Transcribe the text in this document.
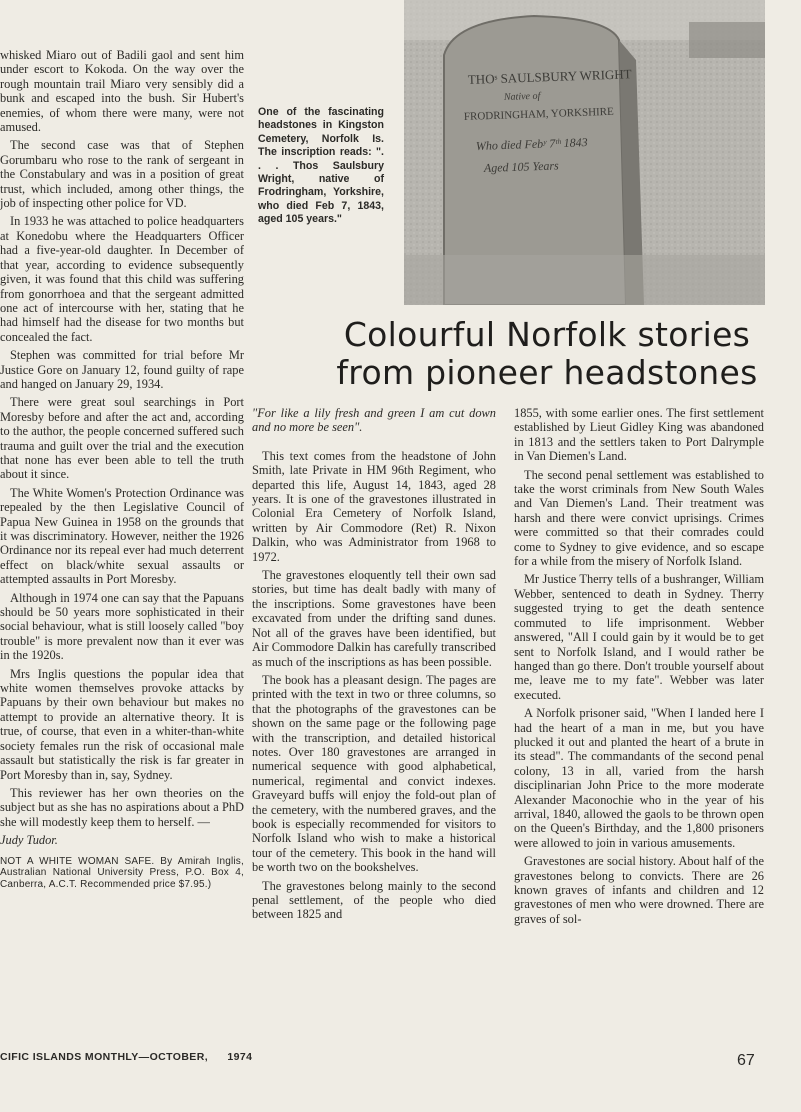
whisked Miaro out of Badili gaol and sent him under escort to Kokoda. On the way over the rough mountain trail Miaro very sensibly did a bunk and escaped into the bush. Sir Hubert's enemies, of whom there were many, were not amused.

The second case was that of Stephen Gorumbaru who rose to the rank of sergeant in the Constabulary and was in a position of great trust, which included, among other things, the job of inspecting other police for VD.

In 1933 he was attached to police headquarters at Konedobu where the Headquarters Officer had a five-year-old daughter. In December of that year, according to evidence subsequently given, it was found that this child was suffering from gonorrhoea and that the sergeant admitted one act of intercourse with her, stating that he had himself had the disease for two months but concealed the fact.

Stephen was committed for trial before Mr Justice Gore on January 12, found guilty of rape and hanged on January 29, 1934.

There were great soul searchings in Port Moresby before and after the act and, according to the author, the people concerned suffered such trauma and guilt over the trial and the execution that none has ever been able to tell the truth about it since.

The White Women's Protection Ordinance was repealed by the then Legislative Council of Papua New Guinea in 1958 on the grounds that it was discriminatory. However, neither the 1926 Ordinance nor its repeal ever had much deterrent effect on black/white sexual assaults or attempted assaults in Port Moresby.

Although in 1974 one can say that the Papuans should be 50 years more sophisticated in their social behaviour, what is still loosely called "boy trouble" is more prevalent now than it ever was in the 1920s.

Mrs Inglis questions the popular idea that white women themselves provoke attacks by Papuans by their own behaviour but makes no attempt to provide an alternative theory. It is true, of course, that even in a whiter-than-white society females run the risk of occasional male assault but statistically the risk is far greater in Port Moresby than in, say, Sydney.

This reviewer has her own theories on the subject but as she has no aspirations about a PhD she will modestly keep them to herself. —

Judy Tudor.

NOT A WHITE WOMAN SAFE. By Amirah Inglis, Australian National University Press, P.O. Box 4, Canberra, A.C.T. Recommended price $7.95.)

One of the fascinating headstones in Kingston Cemetery, Norfolk Is. The inscription reads: ". . . Thos Saulsbury Wright, native of Frodringham, Yorkshire, who died Feb 7, 1843, aged 105 years."
THOˢ SAULSBURY WRIGHT
Native of
FRODRINGHAM, YORKSHIRE
Who died Febʸ 7ᵗʰ 1843
Aged 105 Years
Colourful Norfolk stories
from pioneer headstones

"For like a lily fresh and green I am cut down and no more be seen".

This text comes from the headstone of John Smith, late Private in HM 96th Regiment, who departed this life, August 14, 1843, aged 28 years. It is one of the gravestones illustrated in Colonial Era Cemetery of Norfolk Island, written by Air Commodore (Ret) R. Nixon Dalkin, who was Administrator from 1968 to 1972.

The gravestones eloquently tell their own sad stories, but time has dealt badly with many of the inscriptions. Some gravestones have been excavated from under the drifting sand dunes. Not all of the graves have been identified, but Air Commodore Dalkin has carefully transcribed as much of the inscriptions as has been possible.

The book has a pleasant design. The pages are printed with the text in two or three columns, so that the photographs of the gravestones can be shown on the same page or the following page with the transcription, and detailed historical notes. Over 180 gravestones are arranged in numerical sequence with good alphabetical, numerical, regimental and convict indexes. Graveyard buffs will enjoy the fold-out plan of the cemetery, with the numbered graves, and the book is especially recommended for visitors to Norfolk Island who wish to make a historical tour of the cemetery. This book in the hand will be worth two on the bookshelves.

The gravestones belong mainly to the second penal settlement, of the people who died between 1825 and

1855, with some earlier ones. The first settlement established by Lieut Gidley King was abandoned in 1813 and the settlers taken to Port Dalrymple in Van Diemen's Land.

The second penal settlement was established to take the worst criminals from New South Wales and Van Diemen's Land. Their treatment was harsh and there were convict uprisings. Crimes were committed so that their comrades could come to Sydney to give evidence, and so escape for a while from the misery of Norfolk Island.

Mr Justice Therry tells of a bushranger, William Webber, sentenced to death in Sydney. Therry suggested trying to get the death sentence commuted to life imprisonment. Webber answered, "All I could gain by it would be to get sent to Norfolk Island, and I would rather be hanged than go there. Don't trouble yourself about me, leave me to my fate". Webber was later executed.

A Norfolk prisoner said, "When I landed here I had the heart of a man in me, but you have plucked it out and planted the heart of a brute in its stead". The commandants of the second penal colony, 13 in all, varied from the harsh disciplinarian John Price to the more moderate Alexander Maconochie who in the year of his arrival, 1840, allowed the gaols to be thrown open on the Queen's Birthday, and the 1,800 prisoners were allowed to join in various amusements.

Gravestones are social history. About half of the gravestones belong to convicts. There are 26 known graves of infants and children and 12 gravestones of men who were drowned. There are graves of sol-

CIFIC ISLANDS MONTHLY—OCTOBER, 1974	67
